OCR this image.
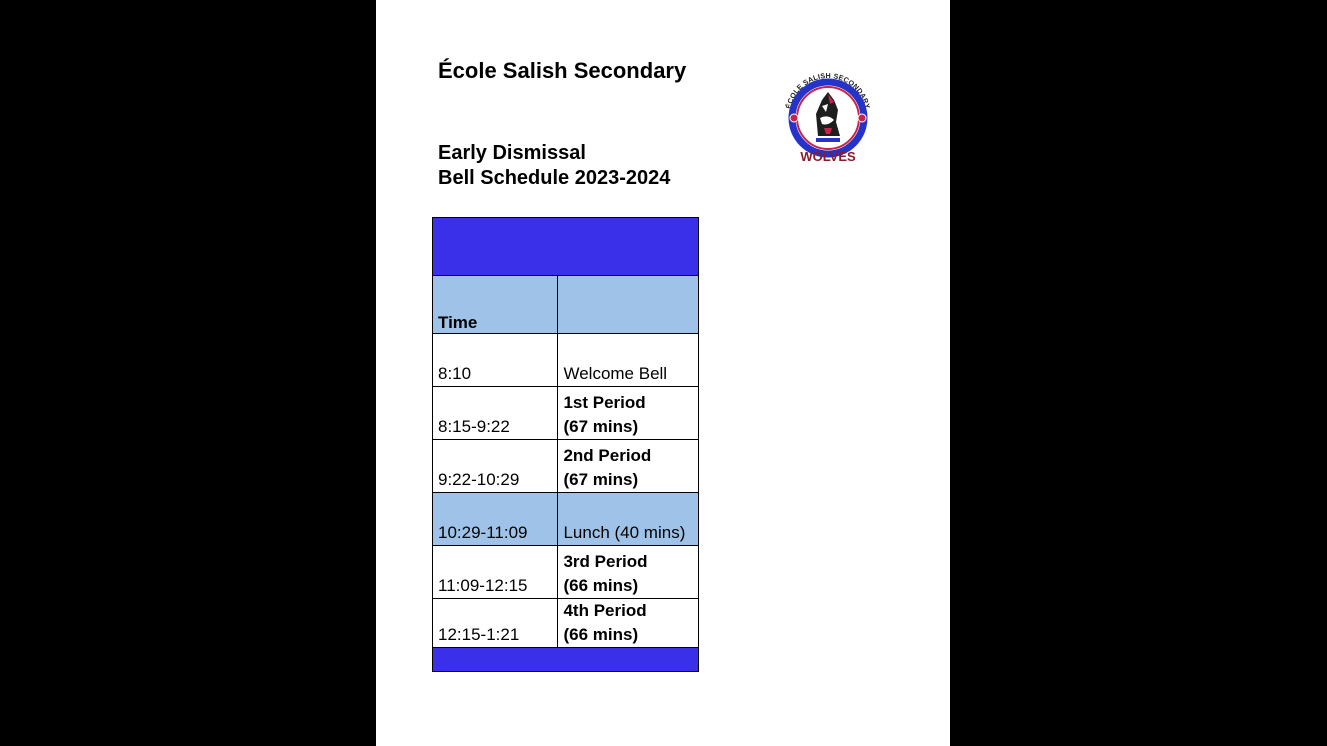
École Salish Secondary
Early Dismissal
Bell Schedule 2023-2024
ÉCOLE SALISH SECONDARY
WOLVES

Time	
8:10	Welcome Bell

8:15-9:22	1st Period
(67 mins)

9:22-10:29	2nd Period
(67 mins)

10:29-11:09	Lunch (40 mins)

11:09-12:15	3rd Period
(66 mins)

12:15-1:21	4th Period
(66 mins)
